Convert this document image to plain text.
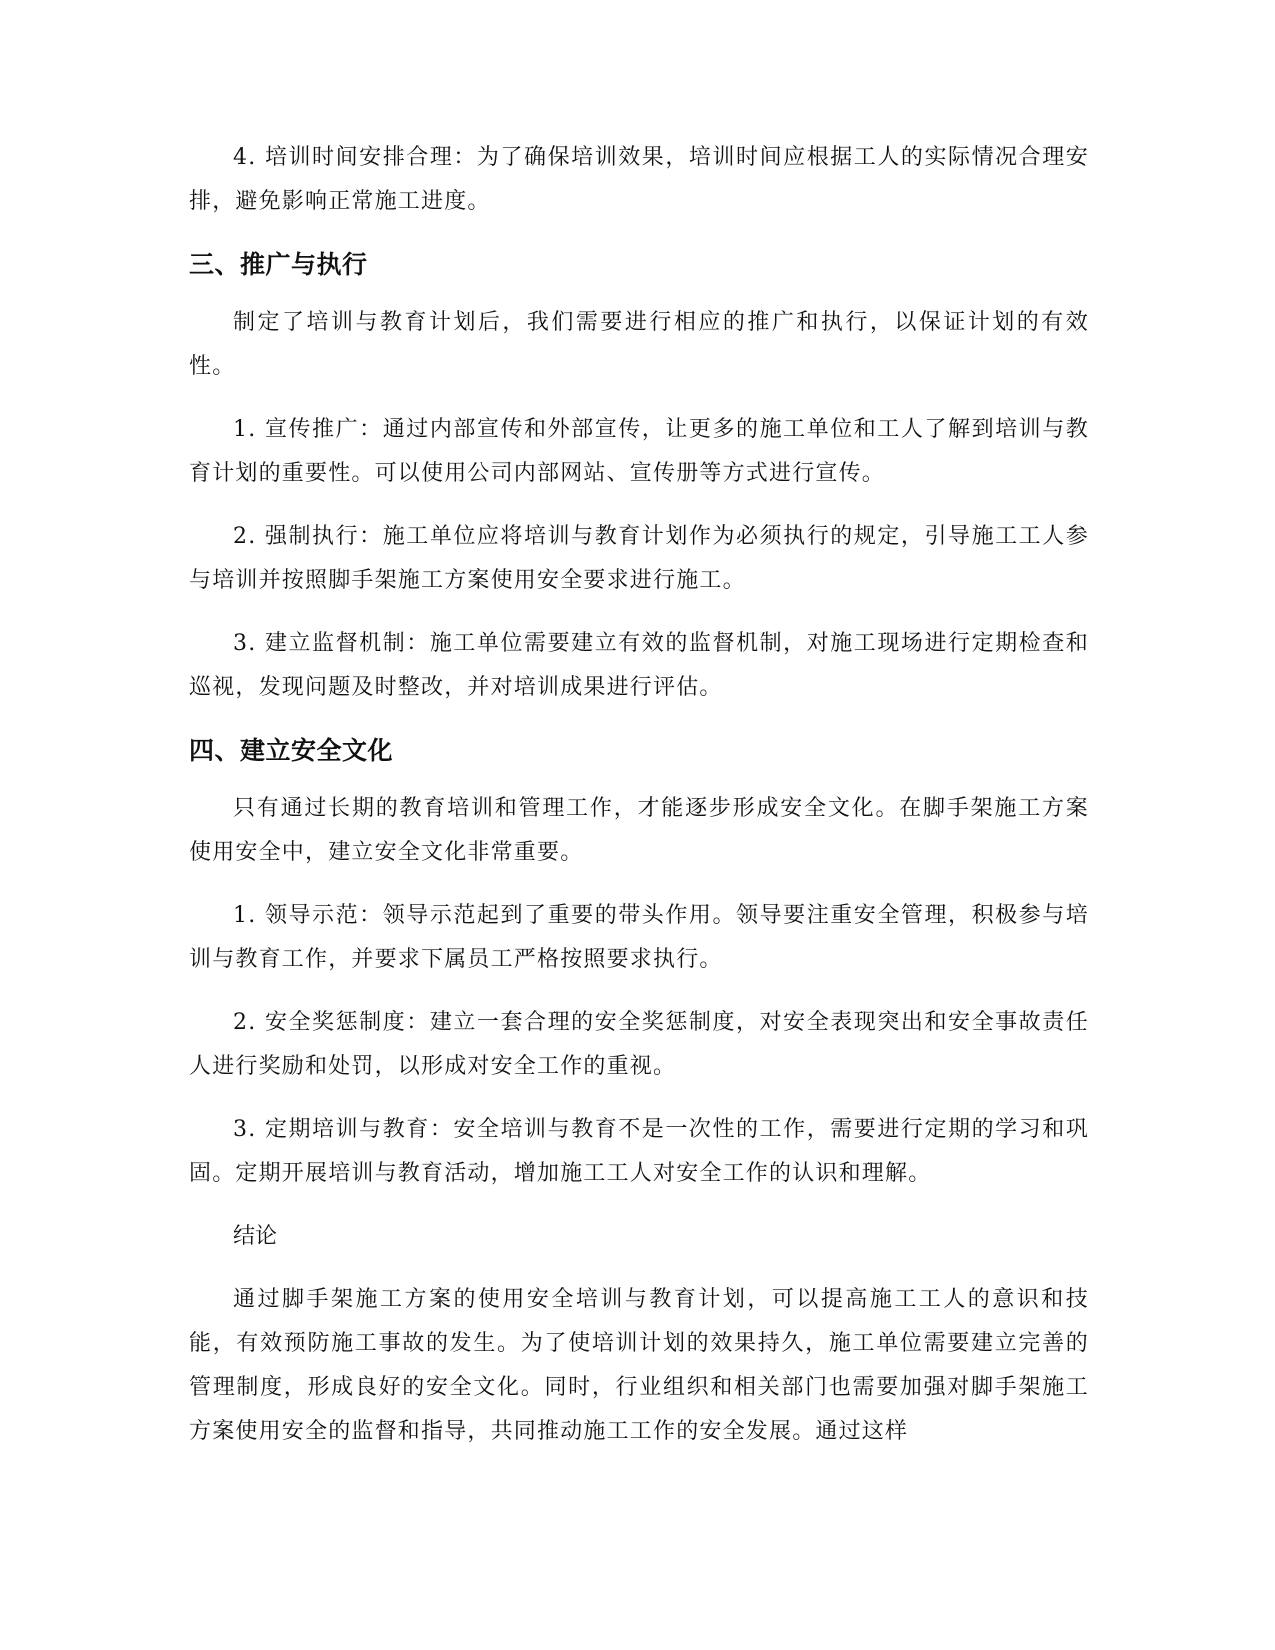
4. 培训时间安排合理：为了确保培训效果，培训时间应根据工人的实际情况合理安排，避免影响正常施工进度。

三、推广与执行

制定了培训与教育计划后，我们需要进行相应的推广和执行，以保证计划的有效性。

1. 宣传推广：通过内部宣传和外部宣传，让更多的施工单位和工人了解到培训与教育计划的重要性。可以使用公司内部网站、宣传册等方式进行宣传。

2. 强制执行：施工单位应将培训与教育计划作为必须执行的规定，引导施工工人参与培训并按照脚手架施工方案使用安全要求进行施工。

3. 建立监督机制：施工单位需要建立有效的监督机制，对施工现场进行定期检查和巡视，发现问题及时整改，并对培训成果进行评估。

四、建立安全文化

只有通过长期的教育培训和管理工作，才能逐步形成安全文化。在脚手架施工方案使用安全中，建立安全文化非常重要。

1. 领导示范：领导示范起到了重要的带头作用。领导要注重安全管理，积极参与培训与教育工作，并要求下属员工严格按照要求执行。

2. 安全奖惩制度：建立一套合理的安全奖惩制度，对安全表现突出和安全事故责任人进行奖励和处罚，以形成对安全工作的重视。

3. 定期培训与教育：安全培训与教育不是一次性的工作，需要进行定期的学习和巩固。定期开展培训与教育活动，增加施工工人对安全工作的认识和理解。

结论

通过脚手架施工方案的使用安全培训与教育计划，可以提高施工工人的意识和技能，有效预防施工事故的发生。为了使培训计划的效果持久，施工单位需要建立完善的管理制度，形成良好的安全文化。同时，行业组织和相关部门也需要加强对脚手架施工方案使用安全的监督和指导，共同推动施工工作的安全发展。通过这样
